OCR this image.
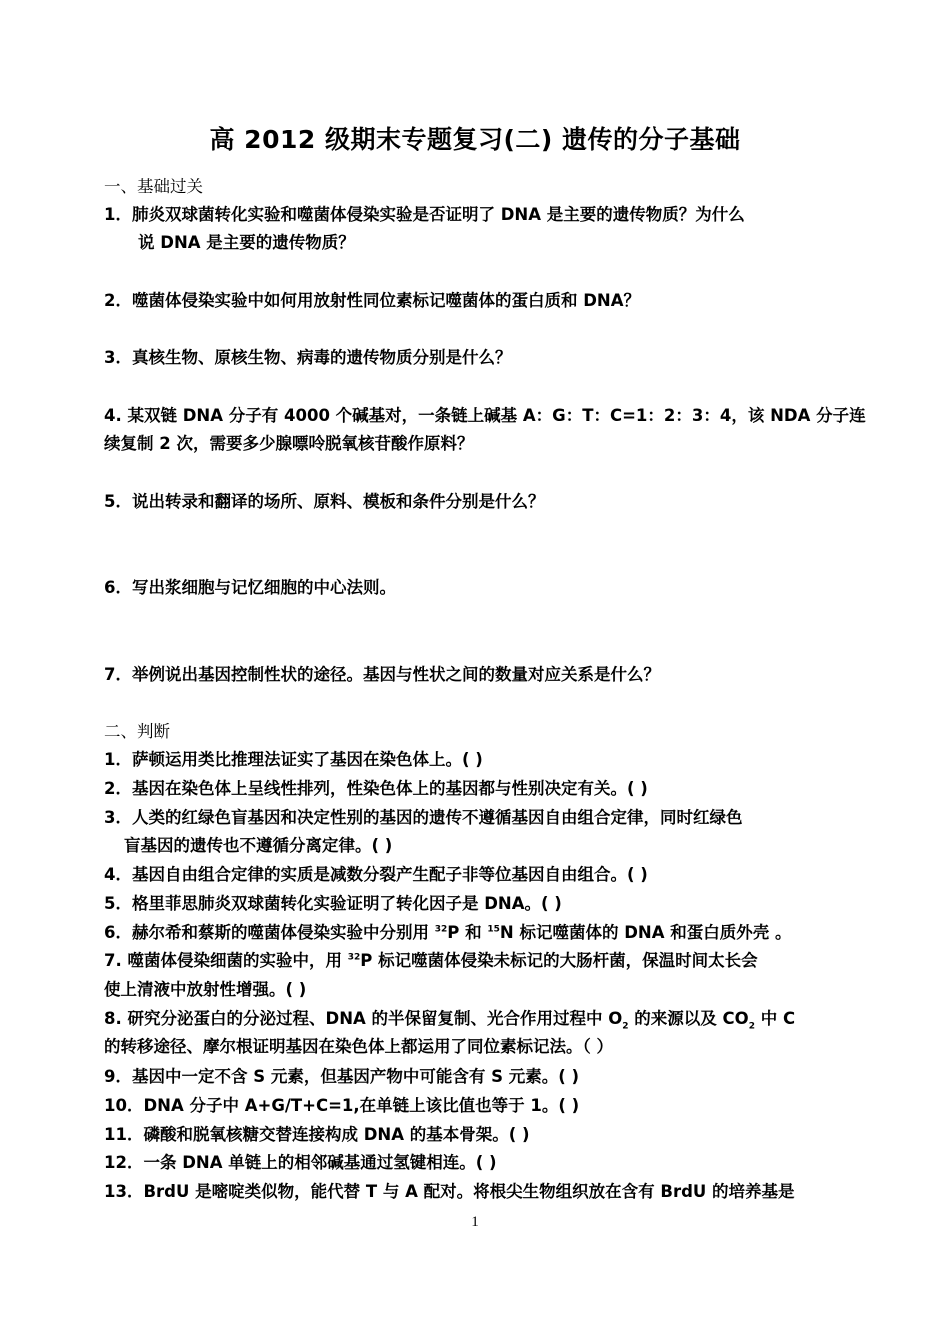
高 2012 级期末专题复习(二) 遗传的分子基础
一、基础过关
1．肺炎双球菌转化实验和噬菌体侵染实验是否证明了 DNA 是主要的遗传物质？为什么
说 DNA 是主要的遗传物质？
2．噬菌体侵染实验中如何用放射性同位素标记噬菌体的蛋白质和 DNA？
3．真核生物、原核生物、病毒的遗传物质分别是什么？
4. 某双链 DNA 分子有 4000 个碱基对，一条链上碱基 A：G：T：C=1：2：3：4，该 NDA 分子连
续复制 2 次，需要多少腺嘌呤脱氧核苷酸作原料？
5．说出转录和翻译的场所、原料、模板和条件分别是什么？
6．写出浆细胞与记忆细胞的中心法则。
7．举例说出基因控制性状的途径。基因与性状之间的数量对应关系是什么？
二、判断
1．萨顿运用类比推理法证实了基因在染色体上。( )
2．基因在染色体上呈线性排列，性染色体上的基因都与性别决定有关。( )
3．人类的红绿色盲基因和决定性别的基因的遗传不遵循基因自由组合定律，同时红绿色
盲基因的遗传也不遵循分离定律。( )
4．基因自由组合定律的实质是减数分裂产生配子非等位基因自由组合。( )
5．格里菲思肺炎双球菌转化实验证明了转化因子是 DNA。( )
6．赫尔希和蔡斯的噬菌体侵染实验中分别用 $^{32}$P 和 $^{15}$N 标记噬菌体的 DNA 和蛋白质外壳 。
7. 噬菌体侵染细菌的实验中，用 $^{32}$P 标记噬菌体侵染未标记的大肠杆菌，保温时间太长会
使上清液中放射性增强。( )
8. 研究分泌蛋白的分泌过程、DNA 的半保留复制、光合作用过程中 $O_2$ 的来源以及 $CO_2$ 中 C
的转移途径、摩尔根证明基因在染色体上都运用了同位素标记法。（ ）
9．基因中一定不含 S 元素，但基因产物中可能含有 S 元素。( )
10．DNA 分子中 A+G/T+C=1,在单链上该比值也等于 1。( )
11．磷酸和脱氧核糖交替连接构成 DNA 的基本骨架。( )
12．一条 DNA 单链上的相邻碱基通过氢键相连。( )
13．BrdU 是嘧啶类似物，能代替 T 与 A 配对。将根尖生物组织放在含有 BrdU 的培养基是
1
